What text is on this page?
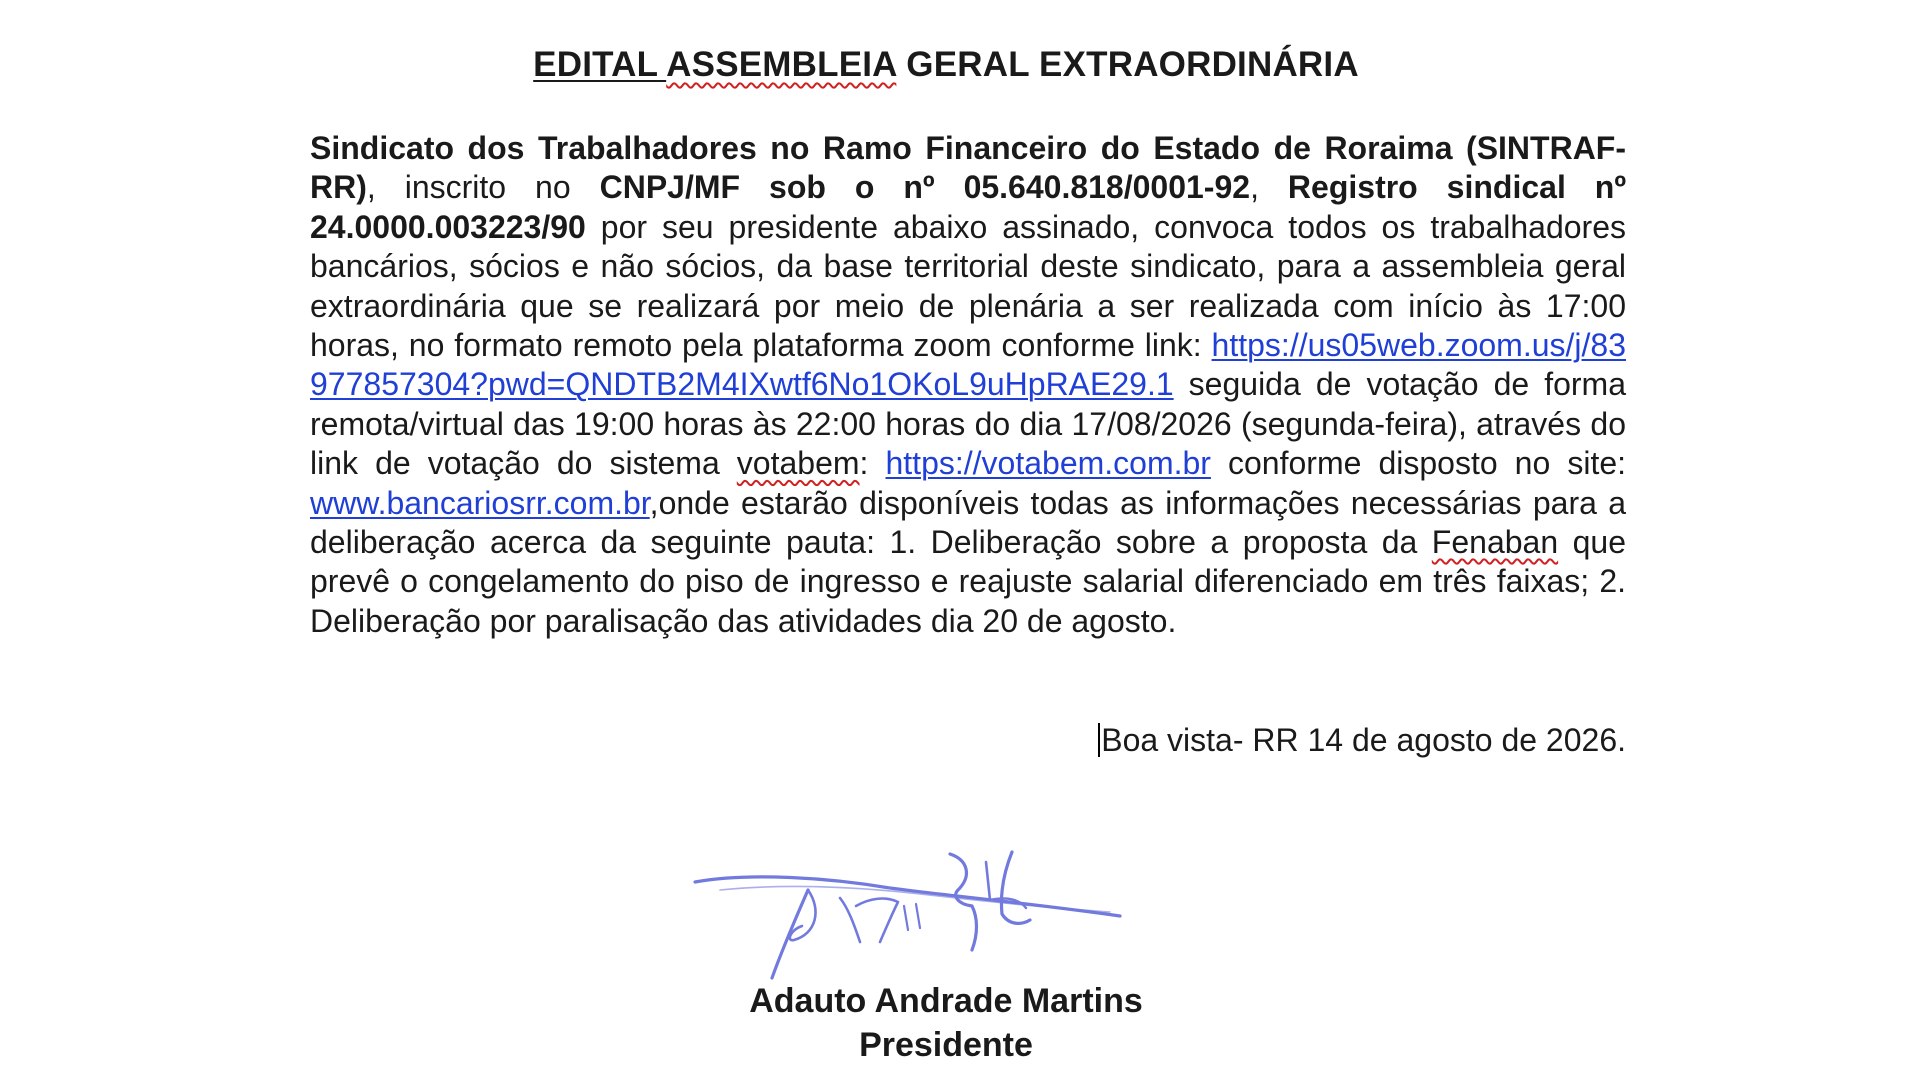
EDITAL ASSEMBLEIA GERAL EXTRAORDINÁRIA
Sindicato dos Trabalhadores no Ramo Financeiro do Estado de Roraima (SINTRAF-RR), inscrito no CNPJ/MF sob o nº 05.640.818/0001-92, Registro sindical nº 24.0000.003223/90 por seu presidente abaixo assinado, convoca todos os trabalhadores bancários, sócios e não sócios, da base territorial deste sindicato, para a assembleia geral extraordinária que se realizará por meio de plenária a ser realizada com início às 17:00 horas, no formato remoto pela plataforma zoom conforme link: https://us05web.zoom.us/j/83977857304?pwd=QNDTB2M4IXwtf6No1OKoL9uHpRAE29.1 seguida de votação de forma remota/virtual das 19:00 horas às 22:00 horas do dia 17/08/2026 (segunda-feira), através do link de votação do sistema votabem: https://votabem.com.br conforme disposto no site: www.bancariosrr.com.br,onde estarão disponíveis todas as informações necessárias para a deliberação acerca da seguinte pauta: 1. Deliberação sobre a proposta da Fenaban que prevê o congelamento do piso de ingresso e reajuste salarial diferenciado em três faixas; 2. Deliberação por paralisação das atividades dia 20 de agosto.
Boa vista- RR 14 de agosto de 2026.
Adauto Andrade Martins
Presidente
